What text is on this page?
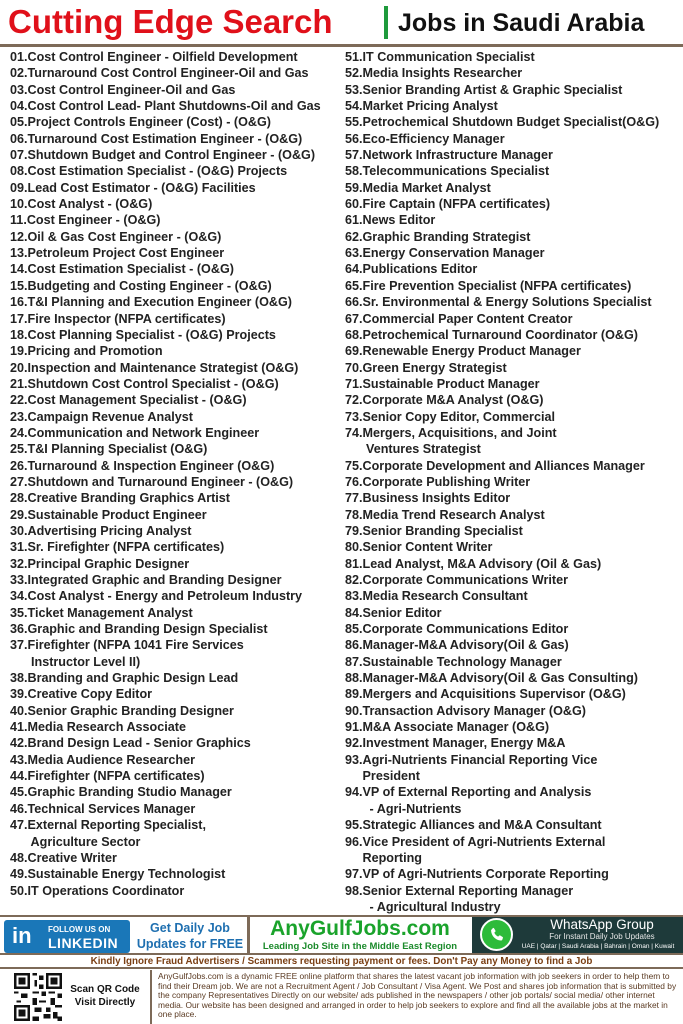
Cutting Edge Search	Jobs in Saudi Arabia
01. Cost Control Engineer - Oilfield Development
02. Turnaround Cost Control Engineer-Oil and Gas
03. Cost Control Engineer-Oil and Gas
04. Cost Control Lead- Plant Shutdowns-Oil and Gas
05. Project Controls Engineer (Cost) - (O&G)
06. Turnaround Cost Estimation Engineer - (O&G)
07. Shutdown Budget and Control Engineer - (O&G)
08. Cost Estimation Specialist - (O&G) Projects
09. Lead Cost Estimator - (O&G) Facilities
10. Cost Analyst - (O&G)
11. Cost Engineer - (O&G)
12. Oil & Gas Cost Engineer - (O&G)
13. Petroleum Project Cost Engineer
14. Cost Estimation Specialist - (O&G)
15. Budgeting and Costing Engineer - (O&G)
16. T&I Planning and Execution Engineer (O&G)
17. Fire Inspector (NFPA certificates)
18. Cost Planning Specialist - (O&G) Projects
19. Pricing and Promotion
20. Inspection and Maintenance Strategist (O&G)
21. Shutdown Cost Control Specialist - (O&G)
22. Cost Management Specialist - (O&G)
23. Campaign Revenue Analyst
24. Communication and Network Engineer
25. T&I Planning Specialist (O&G)
26. Turnaround & Inspection Engineer (O&G)
27. Shutdown and Turnaround Engineer - (O&G)
28. Creative Branding Graphics Artist
29. Sustainable Product Engineer
30. Advertising Pricing Analyst
31. Sr. Firefighter (NFPA certificates)
32. Principal Graphic Designer
33. Integrated Graphic and Branding Designer
34. Cost Analyst - Energy and Petroleum Industry
35. Ticket Management Analyst
36. Graphic and Branding Design Specialist
37. Firefighter (NFPA 1041 Fire Services
Instructor Level II)
38. Branding and Graphic Design Lead
39. Creative Copy Editor
40. Senior Graphic Branding Designer
41. Media Research Associate
42. Brand Design Lead - Senior Graphics
43. Media Audience Researcher
44. Firefighter (NFPA certificates)
45. Graphic Branding Studio Manager
46. Technical Services Manager
47. External Reporting Specialist,
Agriculture Sector
48. Creative Writer
49. Sustainable Energy Technologist
50. IT Operations Coordinator
51. IT Communication Specialist
52. Media Insights Researcher
53. Senior Branding Artist & Graphic Specialist
54. Market Pricing Analyst
55. Petrochemical Shutdown Budget Specialist(O&G)
56. Eco-Efficiency Manager
57. Network Infrastructure Manager
58. Telecommunications Specialist
59. Media Market Analyst
60. Fire Captain (NFPA certificates)
61. News Editor
62. Graphic Branding Strategist
63. Energy Conservation Manager
64. Publications Editor
65. Fire Prevention Specialist (NFPA certificates)
66. Sr. Environmental & Energy Solutions Specialist
67. Commercial Paper Content Creator
68. Petrochemical Turnaround Coordinator (O&G)
69. Renewable Energy Product Manager
70. Green Energy Strategist
71. Sustainable Product Manager
72. Corporate M&A Analyst (O&G)
73. Senior Copy Editor, Commercial
74. Mergers, Acquisitions, and Joint
Ventures Strategist
75. Corporate Development and Alliances Manager
76. Corporate Publishing Writer
77. Business Insights Editor
78. Media Trend Research Analyst
79. Senior Branding Specialist
80. Senior Content Writer
81. Lead Analyst, M&A Advisory (Oil & Gas)
82. Corporate Communications Writer
83. Media Research Consultant
84. Senior Editor
85. Corporate Communications Editor
86. Manager-M&A Advisory(Oil & Gas)
87. Sustainable Technology Manager
88. Manager-M&A Advisory(Oil & Gas Consulting)
89. Mergers and Acquisitions Supervisor (O&G)
90. Transaction Advisory Manager (O&G)
91. M&A Associate Manager (O&G)
92. Investment Manager, Energy M&A
93. Agri-Nutrients Financial Reporting Vice
President
94. VP of External Reporting and Analysis
- Agri-Nutrients
95. Strategic Alliances and M&A Consultant
96. Vice President of Agri-Nutrients External
Reporting
97. VP of Agri-Nutrients Corporate Reporting
98. Senior External Reporting Manager
- Agricultural Industry
in FOLLOW US ON
LINKEDIN
Get Daily Job
Updates for FREE
AnyGulfJobs.com
Leading Job Site in the Middle East Region
WhatsApp Group
For Instant Daily Job Updates
UAE | Qatar | Saudi Arabia | Bahrain | Oman | Kuwait
Kindly Ignore Fraud Advertisers / Scammers requesting payment or fees. Don't Pay any Money to find a Job
Scan QR Code
Visit Directly
AnyGulfJobs.com is a dynamic FREE online platform that shares the latest vacant job information with job seekers in order to help them to find their Dream job. We are not a Recruitment Agent / Job Consultant / Visa Agent. We Post and shares job information that is submitted by the company Representatives Directly on our website/ ads published in the newspapers / other job portals/ social media/ other internet media. Our website has been designed and arranged in order to help job seekers to explore and find all the available jobs at the market in one place.
